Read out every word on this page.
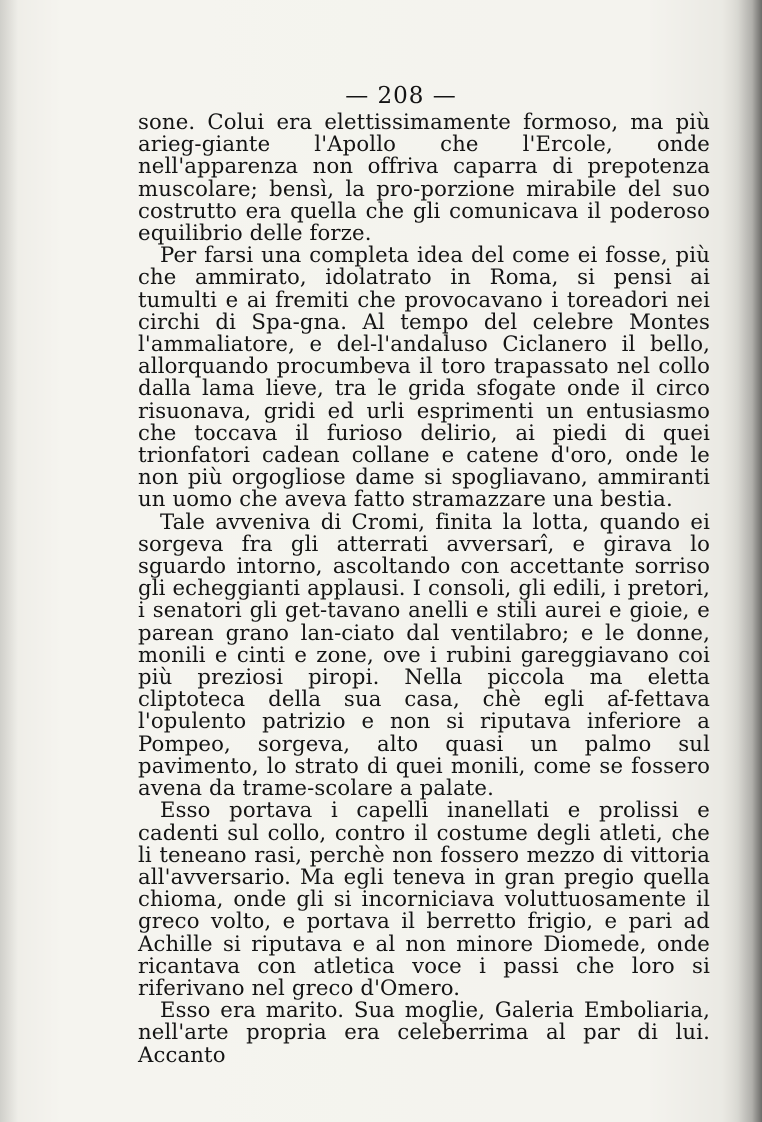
— 208 —

sone. Colui era elettissimamente formoso, ma più arieg-giante l'Apollo che l'Ercole, onde nell'apparenza non offriva caparra di prepotenza muscolare; bensì, la pro-porzione mirabile del suo costrutto era quella che gli comunicava il poderoso equilibrio delle forze.

Per farsi una completa idea del come ei fosse, più che ammirato, idolatrato in Roma, si pensi ai tumulti e ai fremiti che provocavano i toreadori nei circhi di Spa-gna. Al tempo del celebre Montes l'ammaliatore, e del-l'andaluso Ciclanero il bello, allorquando procumbeva il toro trapassato nel collo dalla lama lieve, tra le grida sfogate onde il circo risuonava, gridi ed urli esprimenti un entusiasmo che toccava il furioso delirio, ai piedi di quei trionfatori cadean collane e catene d'oro, onde le non più orgogliose dame si spogliavano, ammiranti un uomo che aveva fatto stramazzare una bestia.

Tale avveniva di Cromi, finita la lotta, quando ei sorgeva fra gli atterrati avversarî, e girava lo sguardo intorno, ascoltando con accettante sorriso gli echeggianti applausi. I consoli, gli edili, i pretori, i senatori gli get-tavano anelli e stili aurei e gioie, e parean grano lan-ciato dal ventilabro; e le donne, monili e cinti e zone, ove i rubini gareggiavano coi più preziosi piropi. Nella piccola ma eletta cliptoteca della sua casa, chè egli af-fettava l'opulento patrizio e non si riputava inferiore a Pompeo, sorgeva, alto quasi un palmo sul pavimento, lo strato di quei monili, come se fossero avena da trame-scolare a palate.

Esso portava i capelli inanellati e prolissi e cadenti sul collo, contro il costume degli atleti, che li teneano rasi, perchè non fossero mezzo di vittoria all'avversario. Ma egli teneva in gran pregio quella chioma, onde gli si incorniciava voluttuosamente il greco volto, e portava il berretto frigio, e pari ad Achille si riputava e al non minore Diomede, onde ricantava con atletica voce i passi che loro si riferivano nel greco d'Omero.

Esso era marito. Sua moglie, Galeria Emboliaria, nell'arte propria era celeberrima al par di lui. Accanto
